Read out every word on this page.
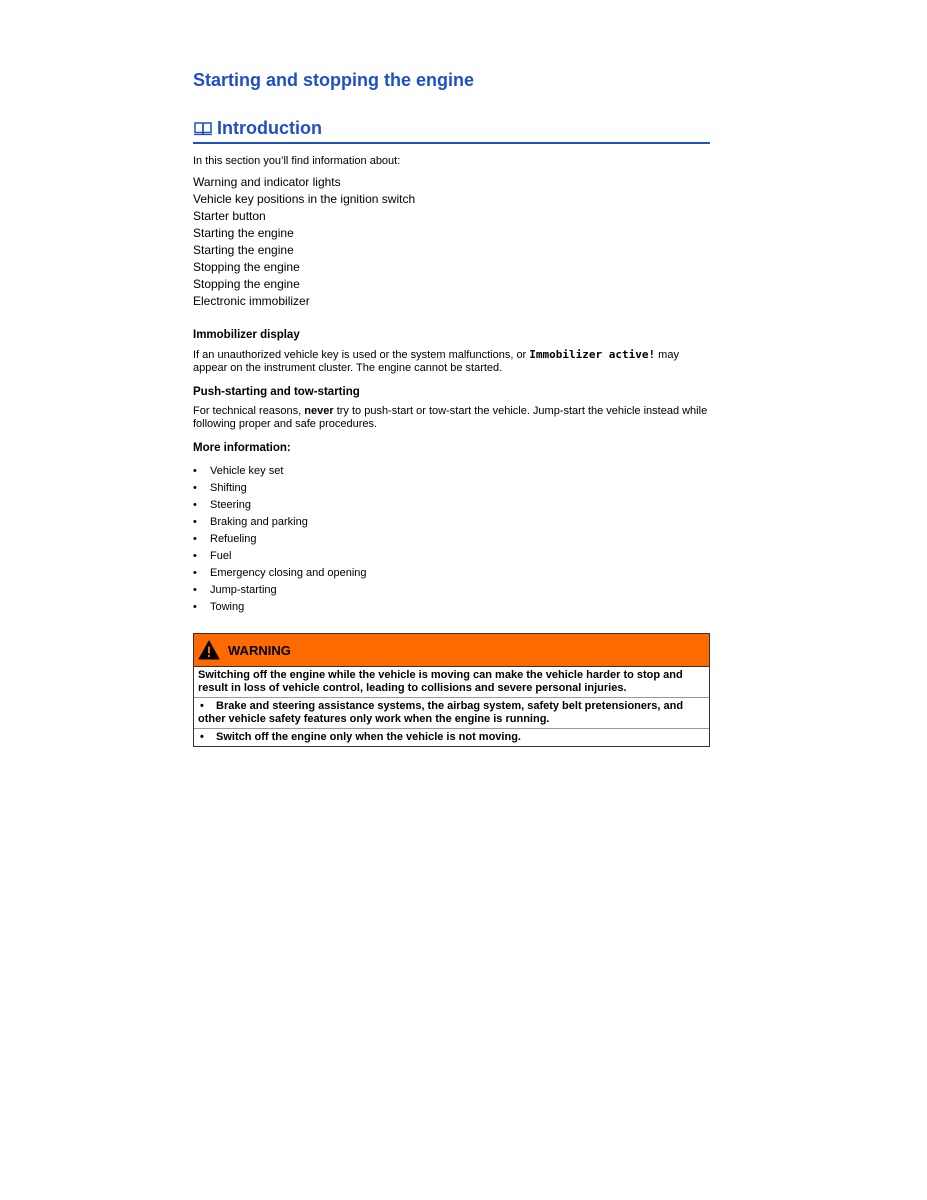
Starting and stopping the engine
Introduction
In this section you’ll find information about:
Warning and indicator lights
Vehicle key positions in the ignition switch
Starter button
Starting the engine
Starting the engine
Stopping the engine
Stopping the engine
Electronic immobilizer
Immobilizer display
If an unauthorized vehicle key is used or the system malfunctions, or Immobilizer active! may appear on the instrument cluster. The engine cannot be started.
Push-starting and tow-starting
For technical reasons, never try to push-start or tow-start the vehicle. Jump-start the vehicle instead while following proper and safe procedures.
More information:
•	Vehicle key set
•	Shifting
•	Steering
•	Braking and parking
•	Refueling
•	Fuel
•	Emergency closing and opening
•	Jump-starting
•	Towing
WARNING
Switching off the engine while the vehicle is moving can make the vehicle harder to stop and result in loss of vehicle control, leading to collisions and severe personal injuries.
• Brake and steering assistance systems, the airbag system, safety belt pretensioners, and other vehicle safety features only work when the engine is running.
• Switch off the engine only when the vehicle is not moving.
